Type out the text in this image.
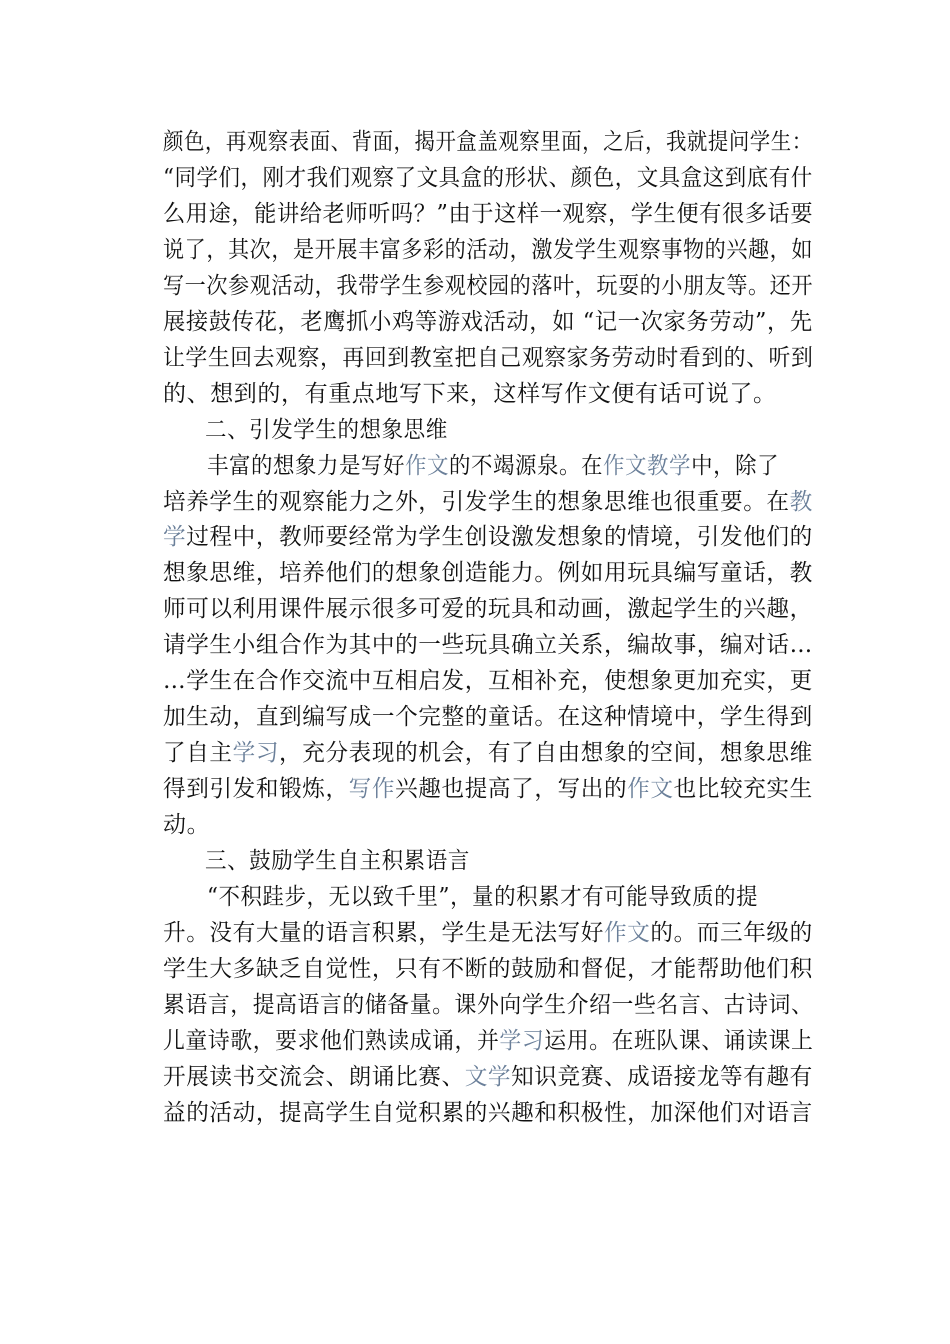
颜色，再观察表面、背面，揭开盒盖观察里面，之后，我就提问学生：
“同学们，刚才我们观察了文具盒的形状、颜色，文具盒这到底有什
么用途，能讲给老师听吗？”由于这样一观察，学生便有很多话要
说了，其次，是开展丰富多彩的活动，激发学生观察事物的兴趣，如
写一次参观活动，我带学生参观校园的落叶，玩耍的小朋友等。还开
展接鼓传花，老鹰抓小鸡等游戏活动，如 “记一次家务劳动”，先
让学生回去观察，再回到教室把自己观察家务劳动时看到的、听到
的、想到的，有重点地写下来，这样写作文便有话可说了。
二、引发学生的想象思维
丰富的想象力是写好作文的不竭源泉。在作文教学中，除了
培养学生的观察能力之外，引发学生的想象思维也很重要。在教
学过程中，教师要经常为学生创设激发想象的情境，引发他们的
想象思维，培养他们的想象创造能力。例如用玩具编写童话，教
师可以利用课件展示很多可爱的玩具和动画，激起学生的兴趣，
请学生小组合作为其中的一些玩具确立关系，编故事，编对话…
…学生在合作交流中互相启发，互相补充，使想象更加充实，更
加生动，直到编写成一个完整的童话。在这种情境中，学生得到
了自主学习，充分表现的机会，有了自由想象的空间，想象思维
得到引发和锻炼，写作兴趣也提高了，写出的作文也比较充实生
动。
三、鼓励学生自主积累语言
“不积跬步，无以致千里”，量的积累才有可能导致质的提
升。没有大量的语言积累，学生是无法写好作文的。而三年级的
学生大多缺乏自觉性，只有不断的鼓励和督促，才能帮助他们积
累语言，提高语言的储备量。课外向学生介绍一些名言、古诗词、
儿童诗歌，要求他们熟读成诵，并学习运用。在班队课、诵读课上
开展读书交流会、朗诵比赛、文学知识竞赛、成语接龙等有趣有
益的活动，提高学生自觉积累的兴趣和积极性，加深他们对语言
